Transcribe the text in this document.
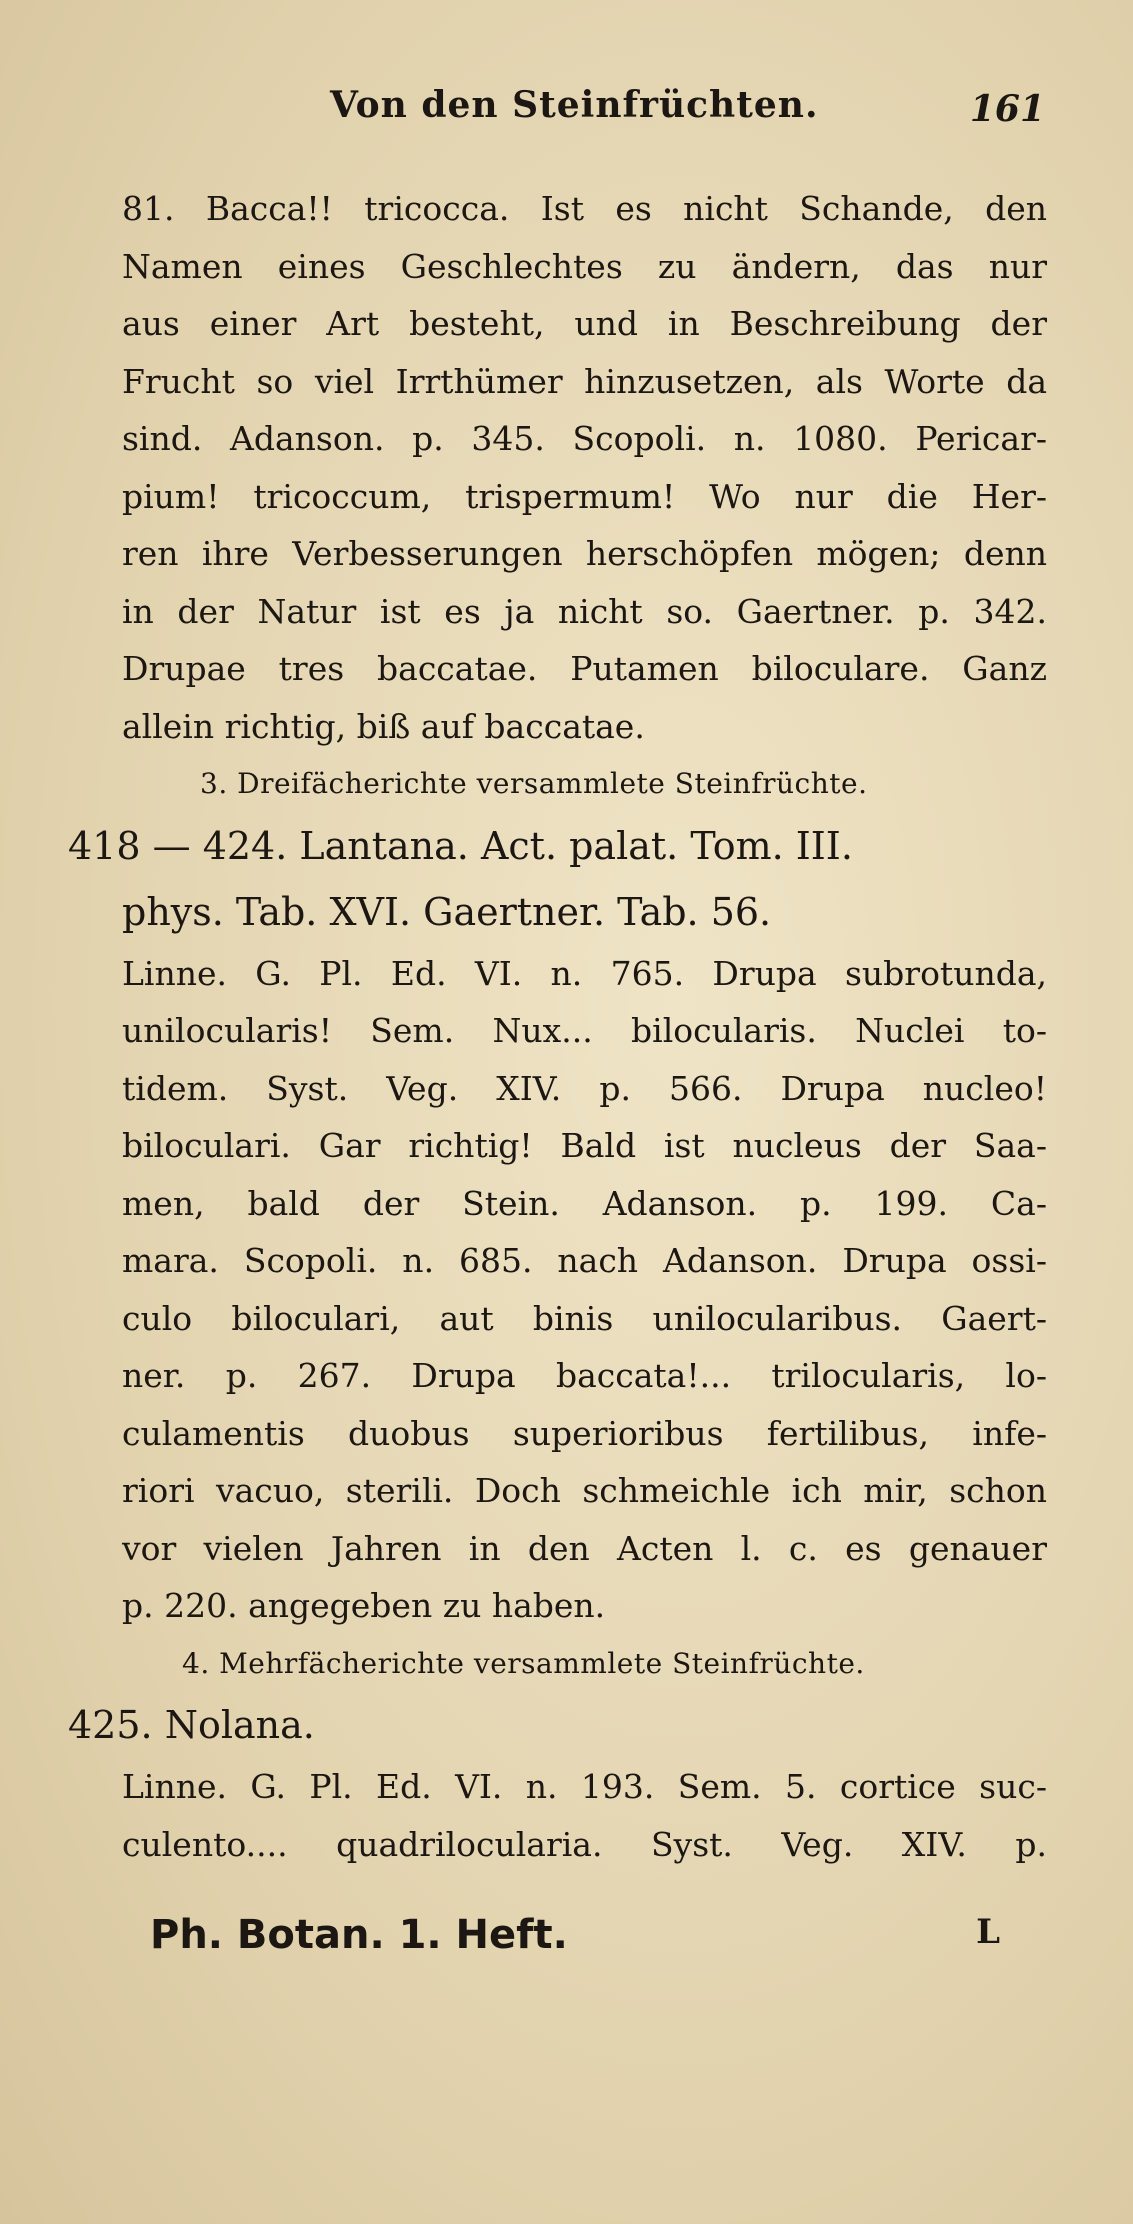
Von den Steinfrüchten.	161
81. Bacca!! tricocca. Ist es nicht Schande, den
Namen eines Geschlechtes zu ändern, das nur
aus einer Art besteht, und in Beschreibung der
Frucht so viel Irrthümer hinzusetzen, als Worte da
sind. Adanson. p. 345. Scopoli. n. 1080. Pericar-
pium! tricoccum, trispermum! Wo nur die Her-
ren ihre Verbesserungen herschöpfen mögen; denn
in der Natur ist es ja nicht so. Gaertner. p. 342.
Drupae tres baccatae. Putamen biloculare. Ganz
allein richtig, biß auf baccatae.
3. Dreifächerichte versammlete Steinfrüchte.
418 — 424. Lantana. Act. palat. Tom. III.
phys. Tab. XVI. Gaertner. Tab. 56.
Linne. G. Pl. Ed. VI. n. 765. Drupa subrotunda,
unilocularis! Sem. Nux... bilocularis. Nuclei to-
tidem. Syst. Veg. XIV. p. 566. Drupa nucleo!
biloculari. Gar richtig! Bald ist nucleus der Saa-
men, bald der Stein. Adanson. p. 199. Ca-
mara. Scopoli. n. 685. nach Adanson. Drupa ossi-
culo biloculari, aut binis unilocularibus. Gaert-
ner. p. 267. Drupa baccata!... trilocularis, lo-
culamentis duobus superioribus fertilibus, infe-
riori vacuo, sterili. Doch schmeichle ich mir, schon
vor vielen Jahren in den Acten l. c. es genauer
p. 220. angegeben zu haben.
4. Mehrfächerichte versammlete Steinfrüchte.
425. Nolana.
Linne. G. Pl. Ed. VI. n. 193. Sem. 5. cortice suc-
culento.... quadrilocularia. Syst. Veg. XIV. p.
Ph. Botan. 1. Heft.	L
